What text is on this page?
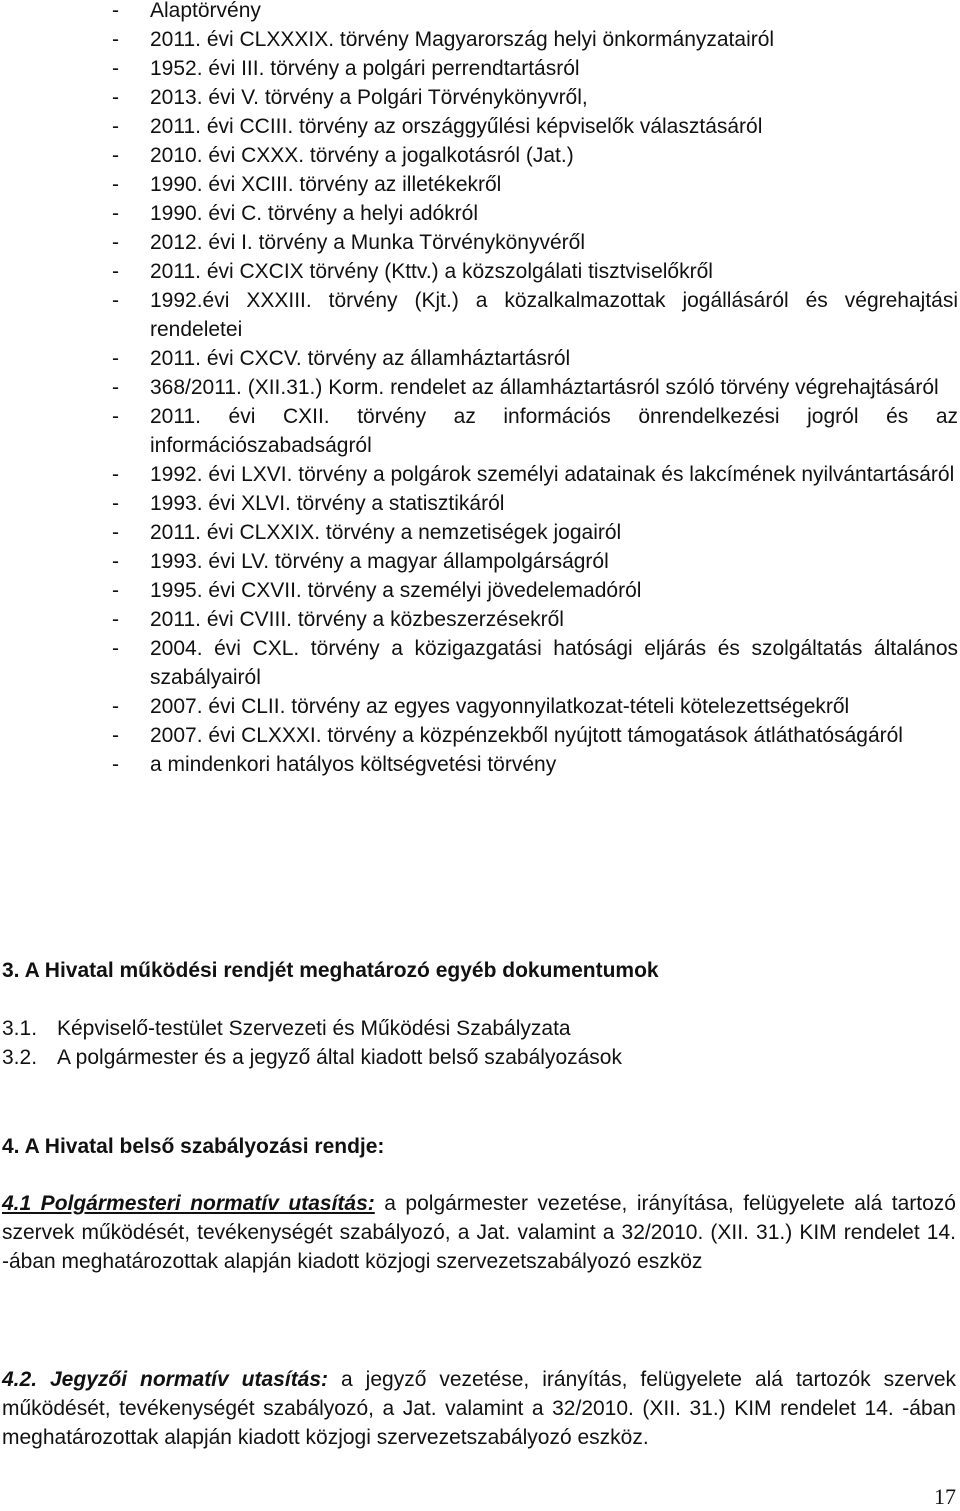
- Alaptörvény
- 2011. évi CLXXXIX. törvény Magyarország helyi önkormányzatairól
- 1952. évi III. törvény a polgári perrendtartásról
- 2013. évi V. törvény a Polgári Törvénykönyvről,
- 2011. évi CCIII. törvény az országgyűlési képviselők választásáról
- 2010. évi CXXX. törvény a jogalkotásról (Jat.)
- 1990. évi XCIII. törvény az illetékekről
- 1990. évi C. törvény a helyi adókról
- 2012. évi I. törvény a Munka Törvénykönyvéről
- 2011. évi CXCIX törvény (Kttv.) a közszolgálati tisztviselőkről
- 1992.évi XXXIII. törvény (Kjt.) a közalkalmazottak jogállásáról és végrehajtási rendeletei
- 2011. évi CXCV. törvény az államháztartásról
- 368/2011. (XII.31.) Korm. rendelet az államháztartásról szóló törvény végrehajtásáról
- 2011. évi CXII. törvény az információs önrendelkezési jogról és az információszabadságról
- 1992. évi LXVI. törvény a polgárok személyi adatainak és lakcímének nyilvántartásáról
- 1993. évi XLVI. törvény a statisztikáról
- 2011. évi CLXXIX. törvény a nemzetiségek jogairól
- 1993. évi LV. törvény a magyar állampolgárságról
- 1995. évi CXVII. törvény a személyi jövedelemadóról
- 2011. évi CVIII. törvény a közbeszerzésekről
- 2004. évi CXL. törvény a közigazgatási hatósági eljárás és szolgáltatás általános szabályairól
- 2007. évi CLII. törvény az egyes vagyonnyilatkozat-tételi kötelezettségekről
- 2007. évi CLXXXI. törvény a közpénzekből nyújtott támogatások átláthatóságáról
- a mindenkori hatályos költségvetési törvény
3. A Hivatal működési rendjét meghatározó egyéb dokumentumok
3.1. Képviselő-testület Szervezeti és Működési Szabályzata
3.2. A polgármester és a jegyző által kiadott belső szabályozások
4. A Hivatal belső szabályozási rendje:
4.1 Polgármesteri normatív utasítás: a polgármester vezetése, irányítása, felügyelete alá tartozó szervek működését, tevékenységét szabályozó, a Jat. valamint a 32/2010. (XII. 31.) KIM rendelet 14. -ában meghatározottak alapján kiadott közjogi szervezetszabályozó eszköz
4.2. Jegyzői normatív utasítás: a jegyző vezetése, irányítás, felügyelete alá tartozók szervek működését, tevékenységét szabályozó, a Jat. valamint a 32/2010. (XII. 31.) KIM rendelet 14. -ában meghatározottak alapján kiadott közjogi szervezetszabályozó eszköz.
17
